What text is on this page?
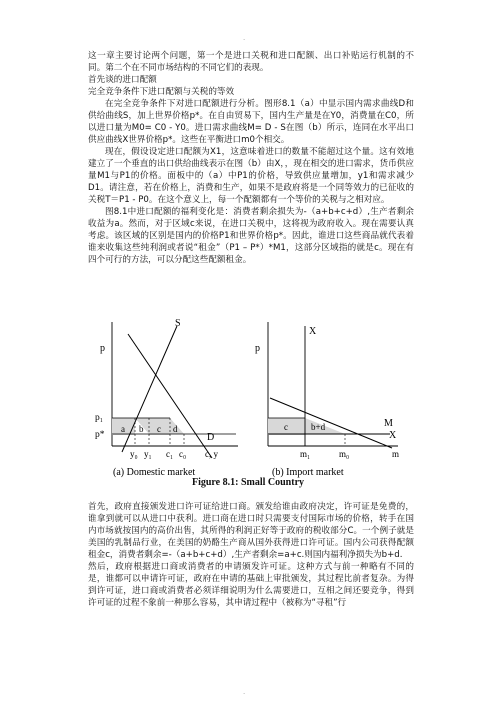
.
这一章主要讨论两个问题，第一个是进口关税和进口配额、出口补贴运行机制的不同。第二个在不同市场结构的不同它们的表现。
首先谈的进口配额
完全竞争条件下进口配额与关税的等效
在完全竞争条件下对进口配额进行分析。图形8.1（a）中显示国内需求曲线D和供给曲线S，加上世界价格p*。在自由贸易下，国内生产量是在Y0，消费量在C0，所以进口量为M0= C0 - Y0。进口需求曲线M= D - S在图（b）所示，连同在水平出口供应曲线X世界价格p*。这些在平衡进口m0个相交。
现在，假设设定进口配额为X1，这意味着进口的数量不能超过这个量。这有效地建立了一个垂直的出口供给曲线表示在图（b）由X，，现在相交的进口需求，货币供应量M1与P1的价格。面板中的（a）中P1的价格，导致供应量增加，y1和需求减少D1。请注意，若在价格上，消费和生产，如果不是政府将是一个同等效力的已征收的关税T＝P1 - P0。在这个意义上，每一个配额都有一个等价的关税与之相对应。
图8.1中进口配额的福利变化是：消费者剩余损失为-（a+b+c+d）,生产者剩余收益为a。然而，对于区域c来说，在进口关税中，这将视为政府收入。现在需要认真考虑。该区域的区别是国内的价格P1和世界价格p*。因此，谁进口这些商品就代表着谁来收集这些纯利润或者说“租金”（P1 – P*）*M1，这部分区域指的就是c。现在有四个可行的方法，可以分配这些配额租金。
p
S
D
p₁
p*
a b c d
y₀ y₁ c₁ c₀ c, y
(a) Domestic market
p
X
X
M
c	b+d
m₁	m₀	m
(b) Import market
Figure 8.1: Small Country
首先，政府直接颁发进口许可证给进口商。颁发给谁由政府决定，许可证是免费的，谁拿到就可以从进口中获利。进口商在进口时只需要支付国际市场的价格，转手在国内市场就按国内的高价出售，其所得的利润正好等于政府的税收部分C。一个例子就是美国的乳制品行业，在美国的奶酪生产商从国外获得进口许可证。国内公司获得配额租金c，消费者剩余=-（a+b+c+d）,生产者剩余=a+c.则国内福利净损失为b+d.
然后，政府根据进口商或消费者的申请颁发许可证。这种方式与前一种略有不同的是，谁都可以申请许可证，政府在申请的基础上审批颁发，其过程比前者复杂。为得到许可证，进口商或消费者必须详细说明为什么需要进口，互相之间还要竞争，得到许可证的过程不象前一种那么容易，其申请过程中（被称为“寻租”行
.
